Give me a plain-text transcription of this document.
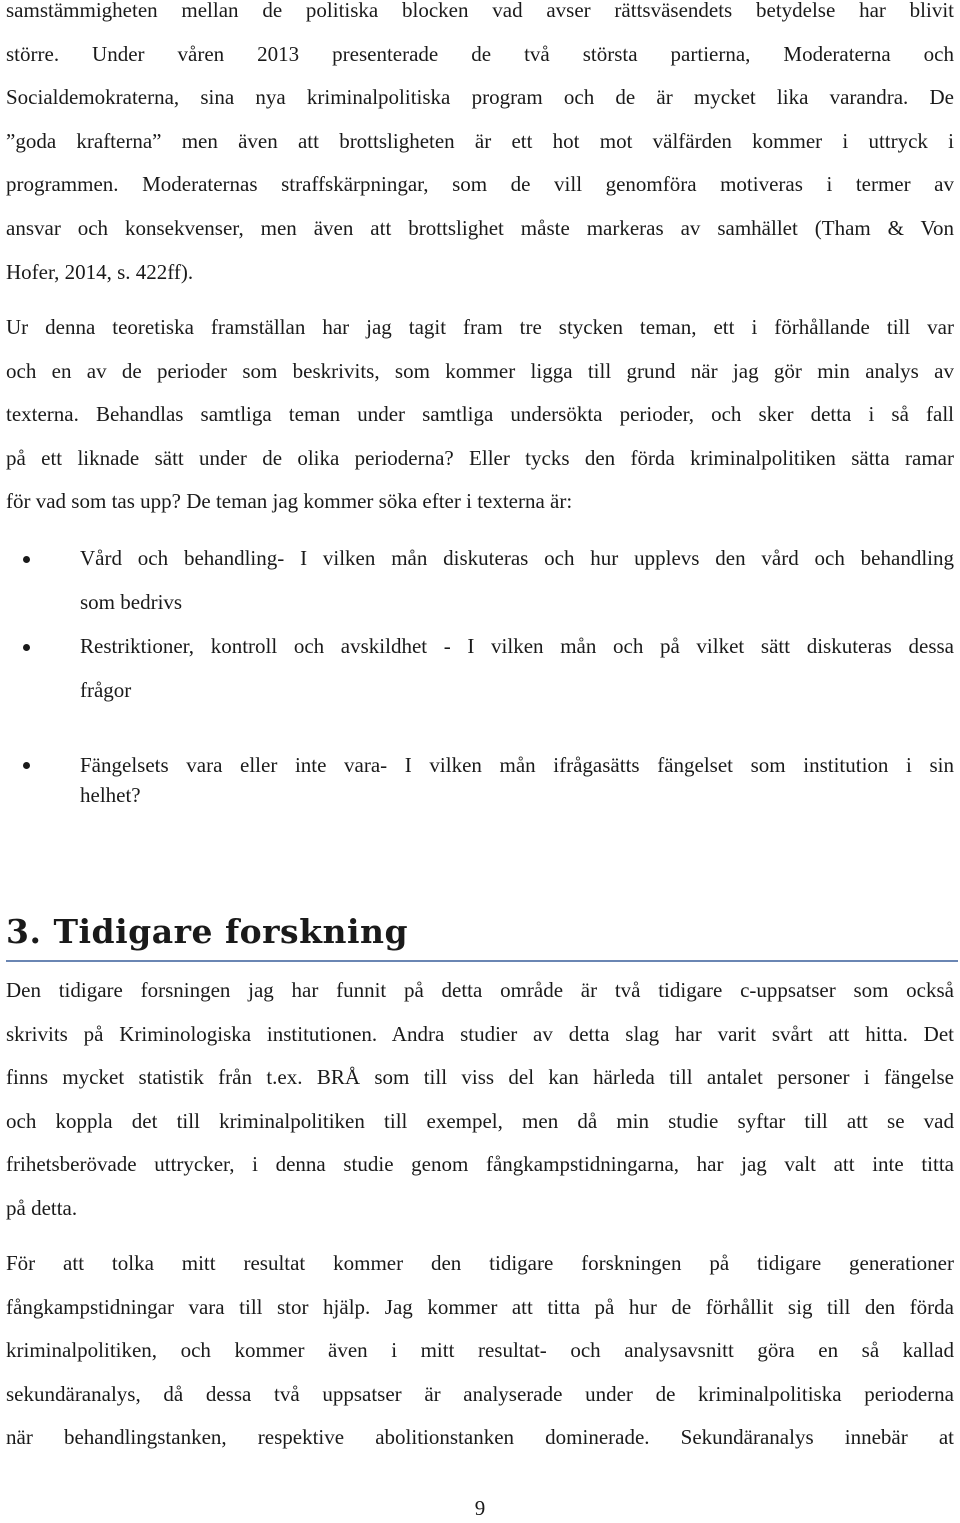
samstämmigheten mellan de politiska blocken vad avser rättsväsendets betydelse har blivit
större. Under våren 2013 presenterade de två största partierna, Moderaterna och
Socialdemokraterna, sina nya kriminalpolitiska program och de är mycket lika varandra. De
”goda krafterna” men även att brottsligheten är ett hot mot välfärden kommer i uttryck i
programmen. Moderaternas straffskärpningar, som de vill genomföra motiveras i termer av
ansvar och konsekvenser, men även att brottslighet måste markeras av samhället (Tham & Von
Hofer, 2014, s. 422ff).
Ur denna teoretiska framställan har jag tagit fram tre stycken teman, ett i förhållande till var
och en av de perioder som beskrivits, som kommer ligga till grund när jag gör min analys av
texterna. Behandlas samtliga teman under samtliga undersökta perioder, och sker detta i så fall
på ett liknade sätt under de olika perioderna? Eller tycks den förda kriminalpolitiken sätta ramar
för vad som tas upp? De teman jag kommer söka efter i texterna är:
Vård och behandling- I vilken mån diskuteras och hur upplevs den vård och behandling
som bedrivs
Restriktioner, kontroll och avskildhet - I vilken mån och på vilket sätt diskuteras dessa
frågor
Fängelsets vara eller inte vara- I vilken mån ifrågasätts fängelset som institution i sin
helhet?
3. Tidigare forskning
Den tidigare forsningen jag har funnit på detta område är två tidigare c-uppsatser som också
skrivits på Kriminologiska institutionen. Andra studier av detta slag har varit svårt att hitta. Det
finns mycket statistik från t.ex. BRÅ som till viss del kan härleda till antalet personer i fängelse
och koppla det till kriminalpolitiken till exempel, men då min studie syftar till att se vad
frihetsberövade uttrycker, i denna studie genom fångkampstidningarna, har jag valt att inte titta
på detta.
För att tolka mitt resultat kommer den tidigare forskningen på tidigare generationer
fångkampstidningar vara till stor hjälp. Jag kommer att titta på hur de förhållit sig till den förda
kriminalpolitiken, och kommer även i mitt resultat- och analysavsnitt göra en så kallad
sekundäranalys, då dessa två uppsatser är analyserade under de kriminalpolitiska perioderna
när behandlingstanken, respektive abolitionstanken dominerade. Sekundäranalys innebär at
9
